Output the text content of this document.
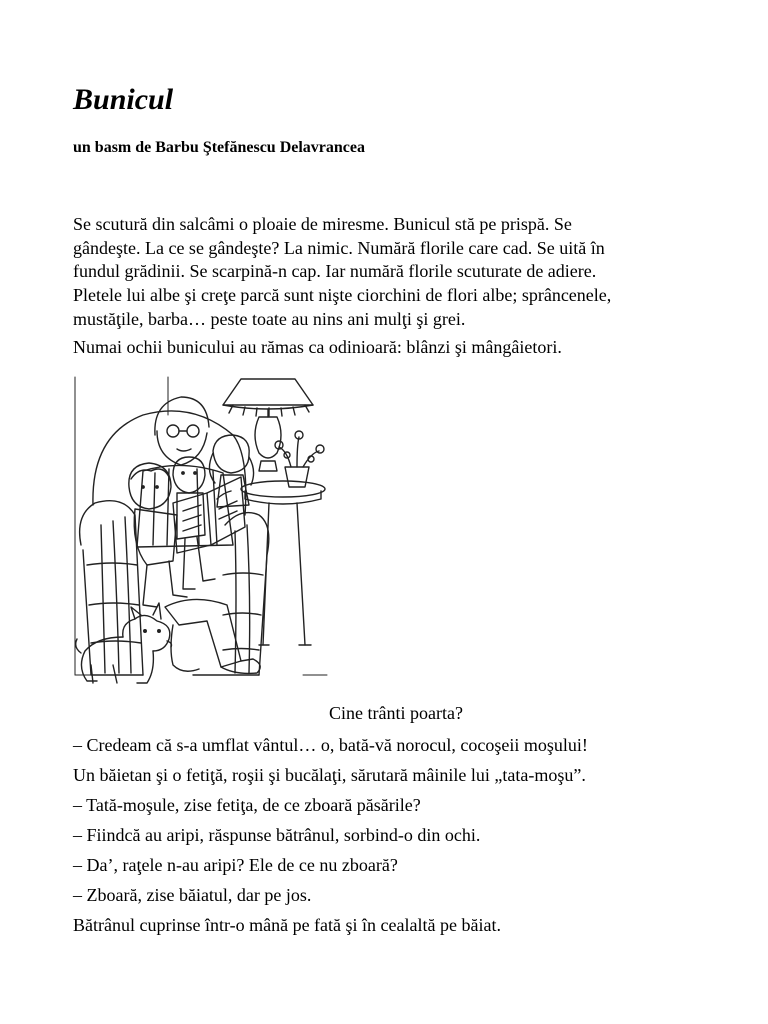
Bunicul
un basm de Barbu Ştefănescu Delavrancea
Se scutură din salcâmi o ploaie de miresme. Bunicul stă pe prispă. Se
gândeşte. La ce se gândeşte? La nimic. Numără florile care cad. Se uită în
fundul grădinii. Se scarpină-n cap. Iar numără florile scuturate de adiere.
Pletele lui albe şi creţe parcă sunt nişte ciorchini de flori albe; sprâncenele,
mustăţile, barba… peste toate au nins ani mulţi şi grei.
Numai ochii bunicului au rămas ca odinioară: blânzi şi mângâietori.
Cine trânti poarta?
– Credeam că s-a umflat vântul… o, bată-vă norocul, cocoşeii moşului!
Un băietan şi o fetiţă, roşii şi bucălaţi, sărutară mâinile lui „tata-moşu”.
– Tată-moşule, zise fetiţa, de ce zboară păsările?
– Fiindcă au aripi, răspunse bătrânul, sorbind-o din ochi.
– Da’, raţele n-au aripi? Ele de ce nu zboară?
– Zboară, zise băiatul, dar pe jos.
Bătrânul cuprinse într-o mână pe fată şi în cealaltă pe băiat.
